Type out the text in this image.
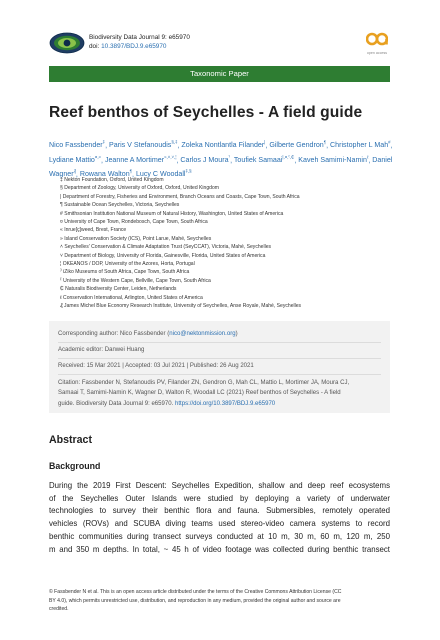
Biodiversity Data Journal 9: e65970
doi: 10.3897/BDJ.9.e65970
open access
Taxonomic Paper
Reef benthos of Seychelles - A field guide
Nico Fassbender‡, Paris V Stefanoudis§,‡, Zoleka Nontlantla Filander|, Gilberte Gendron¶, Christopher L Mah#, Lydiane Mattio¤,«, Jeanne A Mortimer»,˄,˅,¦, Carlos J Moura$^ˀ$, Toufiek Samaai$^{|,¤,ˁ,₵}$, Kaveh Samimi-Namin$^\ell$, Daniel Wagner₰, Rowana Walton¶, Lucy C Woodall‡,§
‡ Nekton Foundation, Oxford, United Kingdom
§ Department of Zoology, University of Oxford, Oxford, United Kingdom
| Department of Forestry, Fisheries and Environment, Branch Oceans and Coasts, Cape Town, South Africa
¶ Sustainable Ocean Seychelles, Victoria, Seychelles
# Smithsonian Institution National Museum of Natural History, Washington, United States of America
¤ University of Cape Town, Rondebosch, Cape Town, South Africa
« Inrue[ç]weed, Brest, France
» Island Conservation Society (ICS), Point Larue, Mahé, Seychelles
˄ Seychelles' Conservation & Climate Adaptation Trust (SeyCCAT), Victoria, Mahé, Seychelles
˅ Department of Biology, University of Florida, Gainesville, Florida, United States of America
¦ OKEANOS / DOP, University of the Azores, Horta, Portugal
ˀ iZiko Museums of South Africa, Cape Town, South Africa
ˁ University of the Western Cape, Bellville, Cape Town, South Africa
₵ Naturalis Biodiversity Center, Leiden, Netherlands
ℓ Conservation International, Arlington, United States of America
₰ James Michel Blue Economy Research Institute, University of Seychelles, Anse Royale, Mahé, Seychelles
Corresponding author: Nico Fassbender (nico@nektonmission.org)
Academic editor: Danwei Huang
Received: 15 Mar 2021 | Accepted: 03 Jul 2021 | Published: 26 Aug 2021
Citation: Fassbender N, Stefanoudis PV, Filander ZN, Gendron G, Mah CL, Mattio L, Mortimer JA, Moura CJ,
Samaai T, Samimi-Namin K, Wagner D, Walton R, Woodall LC (2021) Reef benthos of Seychelles - A field
guide. Biodiversity Data Journal 9: e65970. https://doi.org/10.3897/BDJ.9.e65970
Abstract
Background
During the 2019 First Descent: Seychelles Expedition, shallow and deep reef ecosystems
of the Seychelles Outer Islands were studied by deploying a variety of underwater
technologies to survey their benthic flora and fauna. Submersibles, remotely operated
vehicles (ROVs) and SCUBA diving teams used stereo-video camera systems to record
benthic communities during transect surveys conducted at 10 m, 30 m, 60 m, 120 m, 250
m and 350 m depths. In total, ~ 45 h of video footage was collected during benthic transect
© Fassbender N et al. This is an open access article distributed under the terms of the Creative Commons Attribution License (CC
BY 4.0), which permits unrestricted use, distribution, and reproduction in any medium, provided the original author and source are
credited.
